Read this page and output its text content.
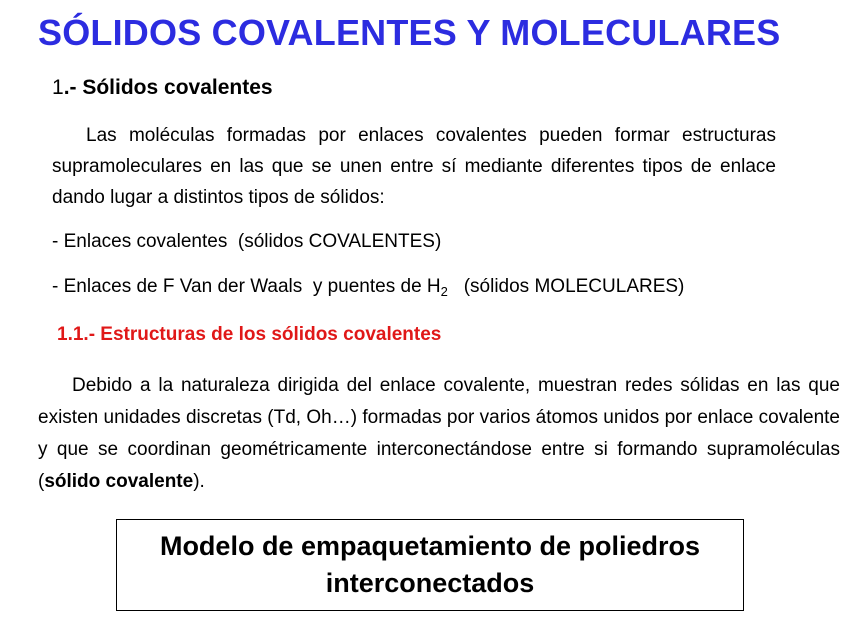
SÓLIDOS COVALENTES Y MOLECULARES
1.- Sólidos covalentes

Las moléculas formadas por enlaces covalentes pueden formar estructuras supramoleculares en las que se unen entre sí mediante diferentes tipos de enlace dando lugar a distintos tipos de sólidos:

- Enlaces covalentes  (sólidos COVALENTES)

- Enlaces de F Van der Waals  y puentes de $H_2$   (sólidos MOLECULARES)

1.1.- Estructuras de los sólidos covalentes

Debido a la naturaleza dirigida del enlace covalente, muestran redes sólidas en las que existen unidades discretas (Td, Oh…) formadas por varios átomos unidos por enlace covalente y que se coordinan geométricamente interconectándose entre si formando supramoléculas (sólido covalente).

Modelo de empaquetamiento de poliedros
interconectados
